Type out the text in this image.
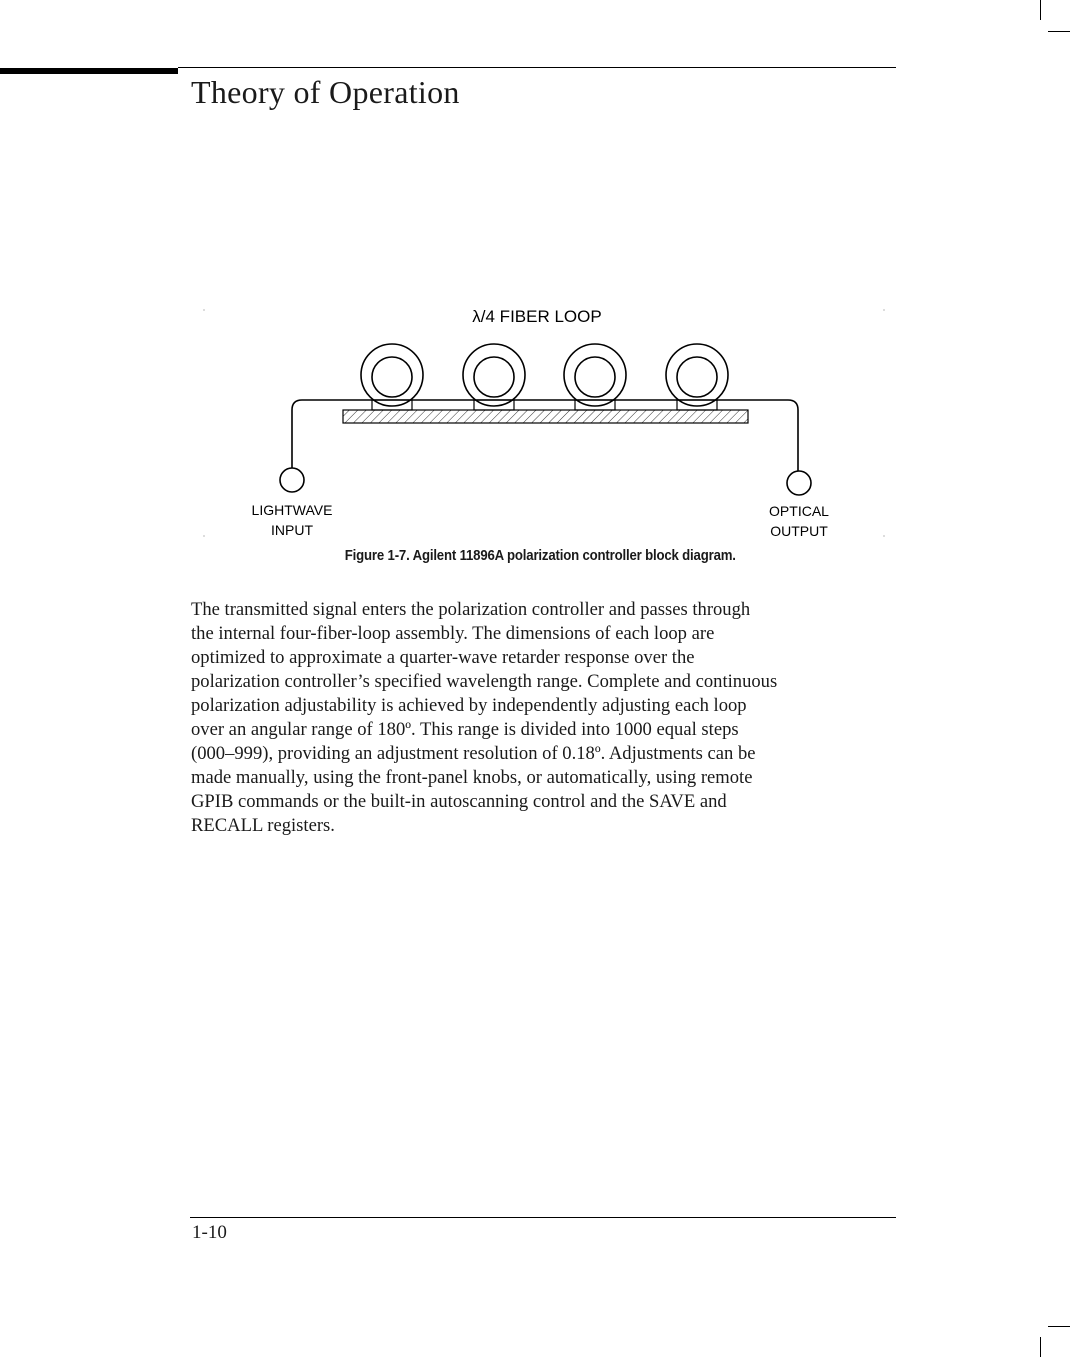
Theory of Operation
λ/4 FIBER LOOP
LIGHTWAVE
INPUT
OPTICAL
OUTPUT
Figure 1-7. Agilent 11896A polarization controller block diagram.

The transmitted signal enters the polarization controller and passes through
the internal four-fiber-loop assembly. The dimensions of each loop are
optimized to approximate a quarter-wave retarder response over the
polarization controller’s specified wavelength range. Complete and continuous
polarization adjustability is achieved by independently adjusting each loop
over an angular range of 180º. This range is divided into 1000 equal steps
(000–999), providing an adjustment resolution of 0.18º. Adjustments can be
made manually, using the front-panel knobs, or automatically, using remote
GPIB commands or the built-in autoscanning control and the SAVE and
RECALL registers.

1-10
